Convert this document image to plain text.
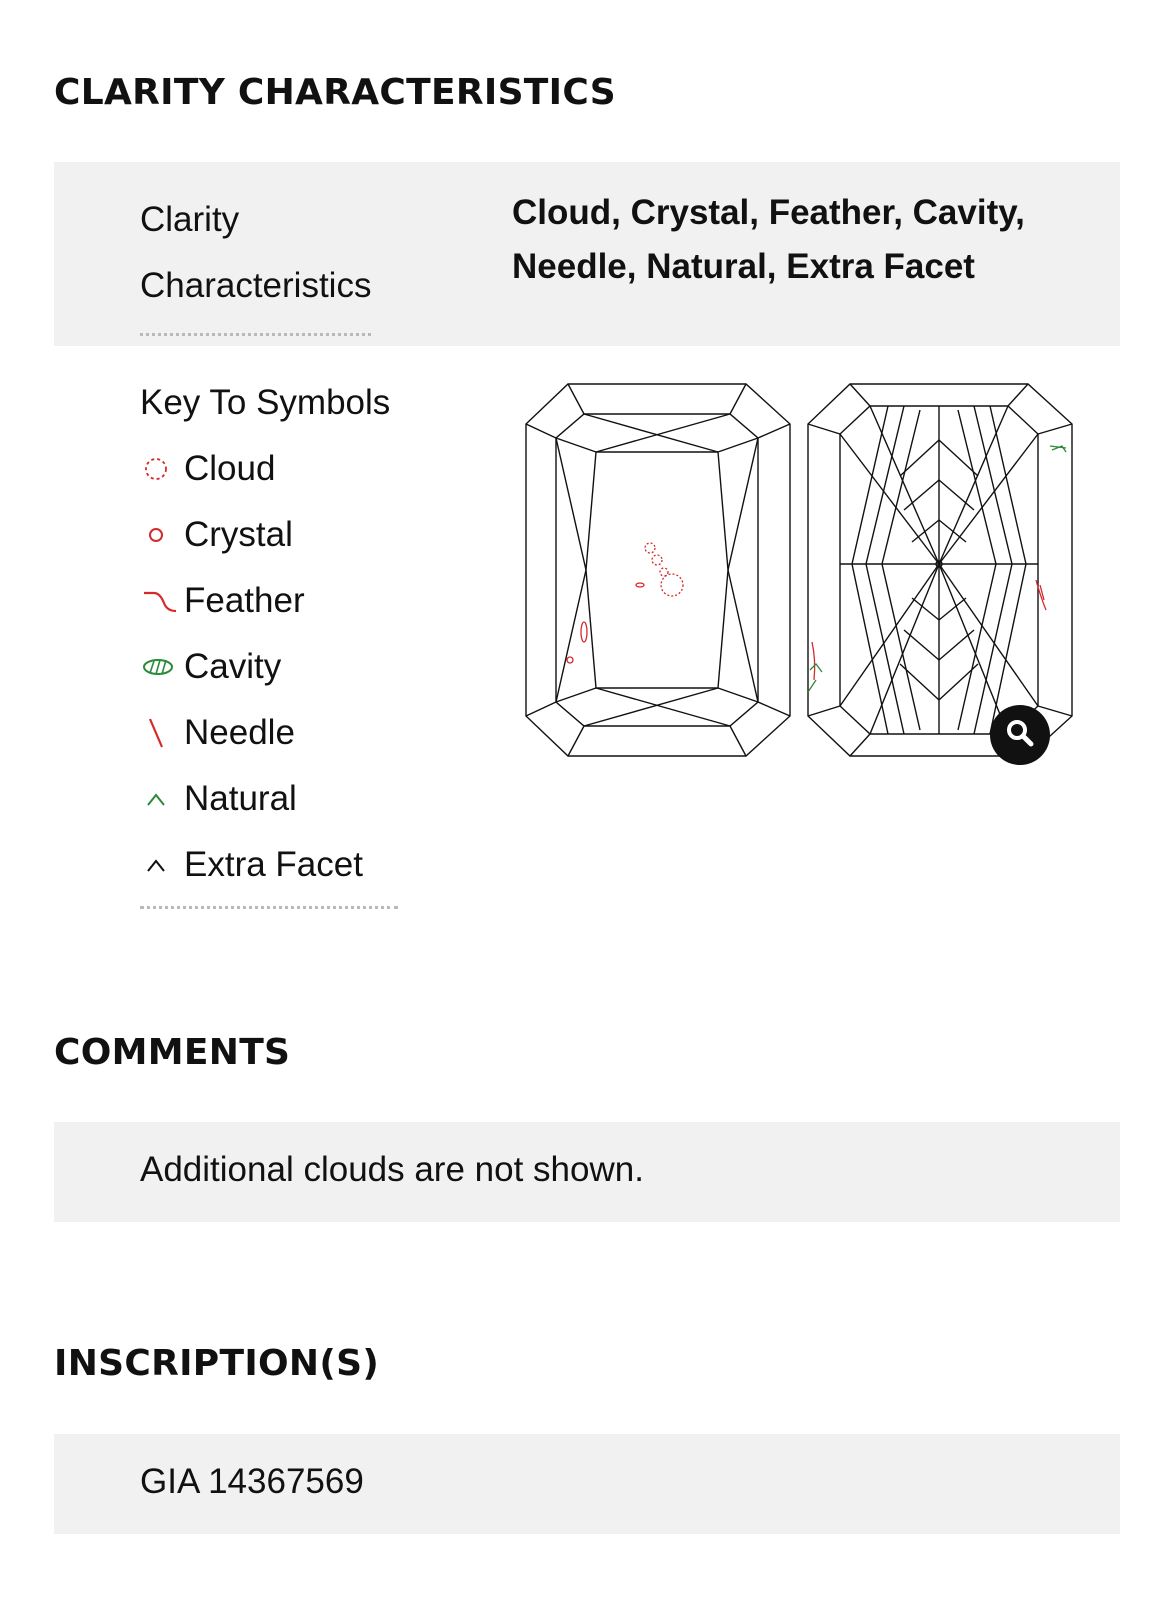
CLARITY CHARACTERISTICS
Clarity
Characteristics
Cloud, Crystal, Feather, Cavity, Needle, Natural, Extra Facet
Key To Symbols
Cloud
Crystal
Feather
Cavity
Needle
Natural
Extra Facet
COMMENTS
Additional clouds are not shown.
INSCRIPTION(S)
GIA 14367569
